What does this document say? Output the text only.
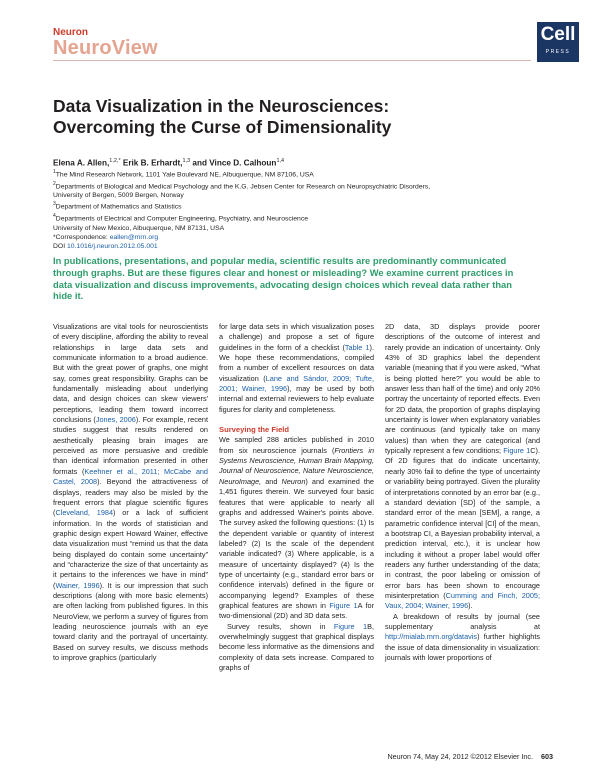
Neuron
NeuroView
Cell
PRESS
Data Visualization in the Neurosciences:
Overcoming the Curse of Dimensionality
Elena A. Allen,$^{1,2,*}$ Erik B. Erhardt,$^{1,3}$ and Vince D. Calhoun$^{1,4}$
$^1$The Mind Research Network, 1101 Yale Boulevard NE, Albuquerque, NM 87106, USA
$^2$Departments of Biological and Medical Psychology and the K.G. Jebsen Center for Research on Neuropsychiatric Disorders,
University of Bergen, 5009 Bergen, Norway
$^3$Department of Mathematics and Statistics
$^4$Departments of Electrical and Computer Engineering, Psychiatry, and Neuroscience
University of New Mexico, Albuquerque, NM 87131, USA
*Correspondence: eallen@mrn.org
DOI 10.1016/j.neuron.2012.05.001
In publications, presentations, and popular media, scientific results are predominantly communicated
through graphs. But are these figures clear and honest or misleading? We examine current practices in
data visualization and discuss improvements, advocating design choices which reveal data rather than
hide it.

Visualizations are vital tools for neuroscientists of every discipline, affording the ability to reveal relationships in large data sets and communicate information to a broad audience. But with the great power of graphs, one might say, comes great responsibility. Graphs can be fundamentally misleading about underlying data, and design choices can skew viewers' perceptions, leading them toward incorrect conclusions (Jones, 2006). For example, recent studies suggest that results rendered on aesthetically pleasing brain images are perceived as more persuasive and credible than identical information presented in other formats (Keehner et al., 2011; McCabe and Castel, 2008). Beyond the attractiveness of displays, readers may also be misled by the frequent errors that plague scientific figures (Cleveland, 1984) or a lack of sufficient information. In the words of statistician and graphic design expert Howard Wainer, effective data visualization must “remind us that the data being displayed do contain some uncertainty” and “characterize the size of that uncertainty as it pertains to the inferences we have in mind” (Wainer, 1996). It is our impression that such descriptions (along with more basic elements) are often lacking from published figures. In this NeuroView, we perform a survey of figures from leading neuroscience journals with an eye toward clarity and the portrayal of uncertainty. Based on survey results, we discuss methods to improve graphics (particularly

for large data sets in which visualization poses a challenge) and propose a set of figure guidelines in the form of a checklist (Table 1). We hope these recommendations, compiled from a number of excellent resources on data visualization (Lane and Sándor, 2009; Tufte, 2001; Wainer, 1996), may be used by both internal and external reviewers to help evaluate figures for clarity and completeness.

Surveying the Field

We sampled 288 articles published in 2010 from six neuroscience journals (Frontiers in Systems Neuroscience, Human Brain Mapping, Journal of Neuroscience, Nature Neuroscience, NeuroImage, and Neuron) and examined the 1,451 figures therein. We surveyed four basic features that were applicable to nearly all graphs and addressed Wainer's points above. The survey asked the following questions: (1) Is the dependent variable or quantity of interest labeled? (2) Is the scale of the dependent variable indicated? (3) Where applicable, is a measure of uncertainty displayed? (4) Is the type of uncertainty (e.g., standard error bars or confidence intervals) defined in the figure or accompanying legend? Examples of these graphical features are shown in Figure 1A for two-dimensional (2D) and 3D data sets.

Survey results, shown in Figure 1B, overwhelmingly suggest that graphical displays become less informative as the dimensions and complexity of data sets increase. Compared to graphs of

2D data, 3D displays provide poorer descriptions of the outcome of interest and rarely provide an indication of uncertainty. Only 43% of 3D graphics label the dependent variable (meaning that if you were asked, “What is being plotted here?” you would be able to answer less than half of the time) and only 20% portray the uncertainty of reported effects. Even for 2D data, the proportion of graphs displaying uncertainty is lower when explanatory variables are continuous (and typically take on many values) than when they are categorical (and typically represent a few conditions; Figure 1C). Of 2D figures that do indicate uncertainty, nearly 30% fail to define the type of uncertainty or variability being portrayed. Given the plurality of interpretations connoted by an error bar (e.g., a standard deviation [SD] of the sample, a standard error of the mean [SEM], a range, a parametric confidence interval [CI] of the mean, a bootstrap CI, a Bayesian probability interval, a prediction interval, etc.), it is unclear how including it without a proper label would offer readers any further understanding of the data; in contrast, the poor labeling or omission of error bars has been shown to encourage misinterpretation (Cumming and Finch, 2005; Vaux, 2004; Wainer, 1996).

A breakdown of results by journal (see supplementary analysis at http://mialab.mrn.org/datavis) further highlights the issue of data dimensionality in visualization: journals with lower proportions of

Neuron 74, May 24, 2012 ©2012 Elsevier Inc. 603
